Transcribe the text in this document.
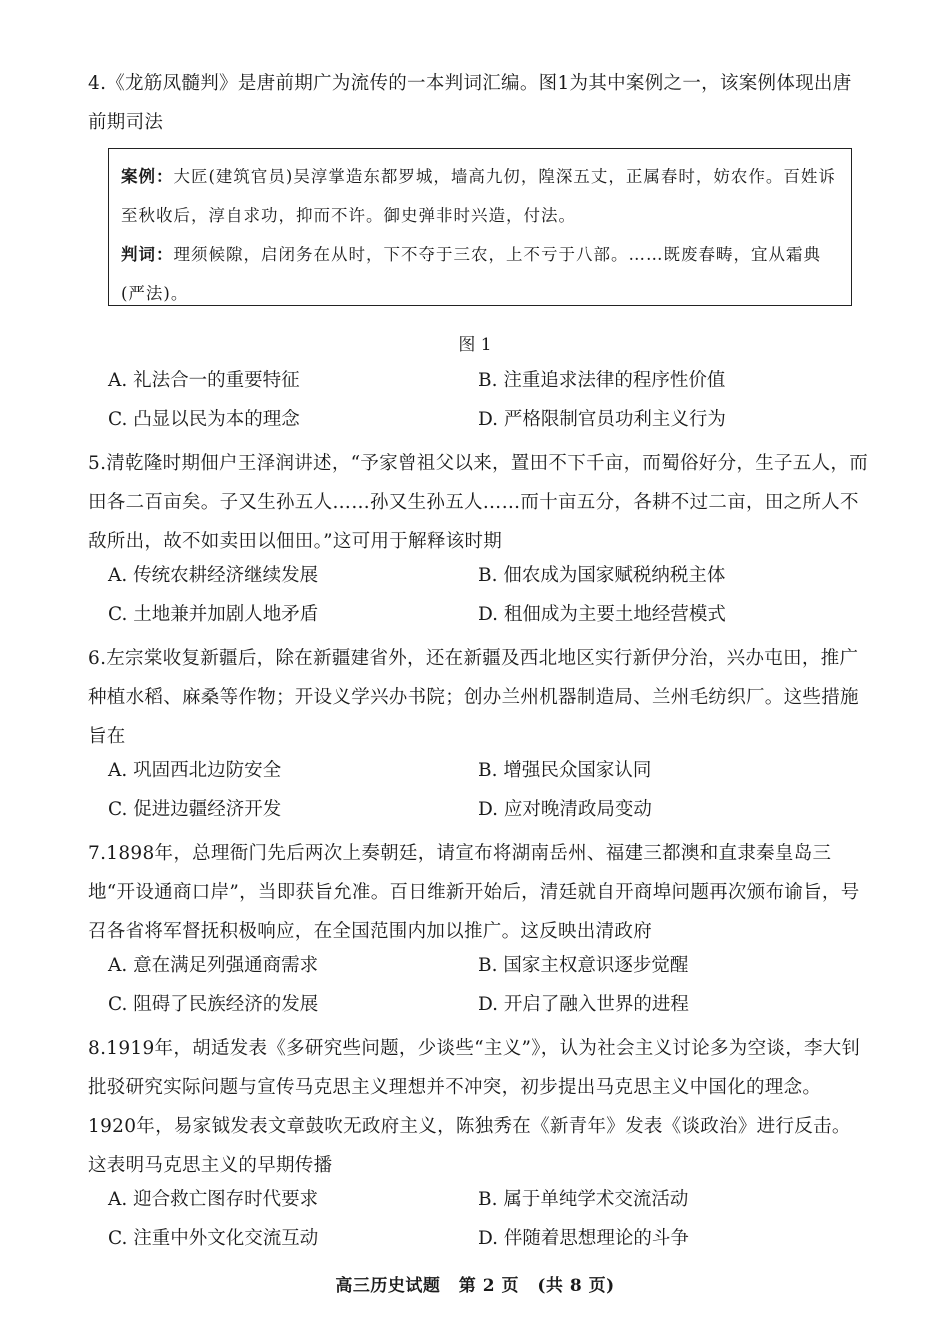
4.《龙筋凤髓判》是唐前期广为流传的一本判词汇编。图1为其中案例之一，该案例体现出唐前期司法

案例：大匠(建筑官员)吴淳掌造东都罗城，墙高九仞，隍深五丈，正属春时，妨农作。百姓诉至秋收后，淳自求功，抑而不许。御史弹非时兴造，付法。

判词：理须候隙，启闭务在从时，下不夺于三农，上不亏于八部。……既废春畴，宜从霜典(严法)。

图 1
A. 礼法合一的重要特征	B. 注重追求法律的程序性价值
C. 凸显以民为本的理念	D. 严格限制官员功利主义行为
5.清乾隆时期佃户王泽润讲述，“予家曾祖父以来，置田不下千亩，而蜀俗好分，生子五人，而田各二百亩矣。子又生孙五人……孙又生孙五人……而十亩五分，各耕不过二亩，田之所人不敌所出，故不如卖田以佃田。”这可用于解释该时期
A. 传统农耕经济继续发展	B. 佃农成为国家赋税纳税主体
C. 土地兼并加剧人地矛盾	D. 租佃成为主要土地经营模式
6.左宗棠收复新疆后，除在新疆建省外，还在新疆及西北地区实行新伊分治，兴办屯田，推广种植水稻、麻桑等作物；开设义学兴办书院；创办兰州机器制造局、兰州毛纺织厂。这些措施旨在
A. 巩固西北边防安全	B. 增强民众国家认同
C. 促进边疆经济开发	D. 应对晚清政局变动
7.1898年，总理衙门先后两次上奏朝廷，请宣布将湖南岳州、福建三都澳和直隶秦皇岛三地“开设通商口岸”，当即获旨允准。百日维新开始后，清廷就自开商埠问题再次颁布谕旨，号召各省将军督抚积极响应，在全国范围内加以推广。这反映出清政府
A. 意在满足列强通商需求	B. 国家主权意识逐步觉醒
C. 阻碍了民族经济的发展	D. 开启了融入世界的进程
8.1919年，胡适发表《多研究些问题，少谈些“主义”》，认为社会主义讨论多为空谈，李大钊批驳研究实际问题与宣传马克思主义理想并不冲突，初步提出马克思主义中国化的理念。1920年，易家钺发表文章鼓吹无政府主义，陈独秀在《新青年》发表《谈政治》进行反击。这表明马克思主义的早期传播
A. 迎合救亡图存时代要求	B. 属于单纯学术交流活动
C. 注重中外文化交流互动	D. 伴随着思想理论的斗争
高三历史试题 第 2 页 (共 8 页)
